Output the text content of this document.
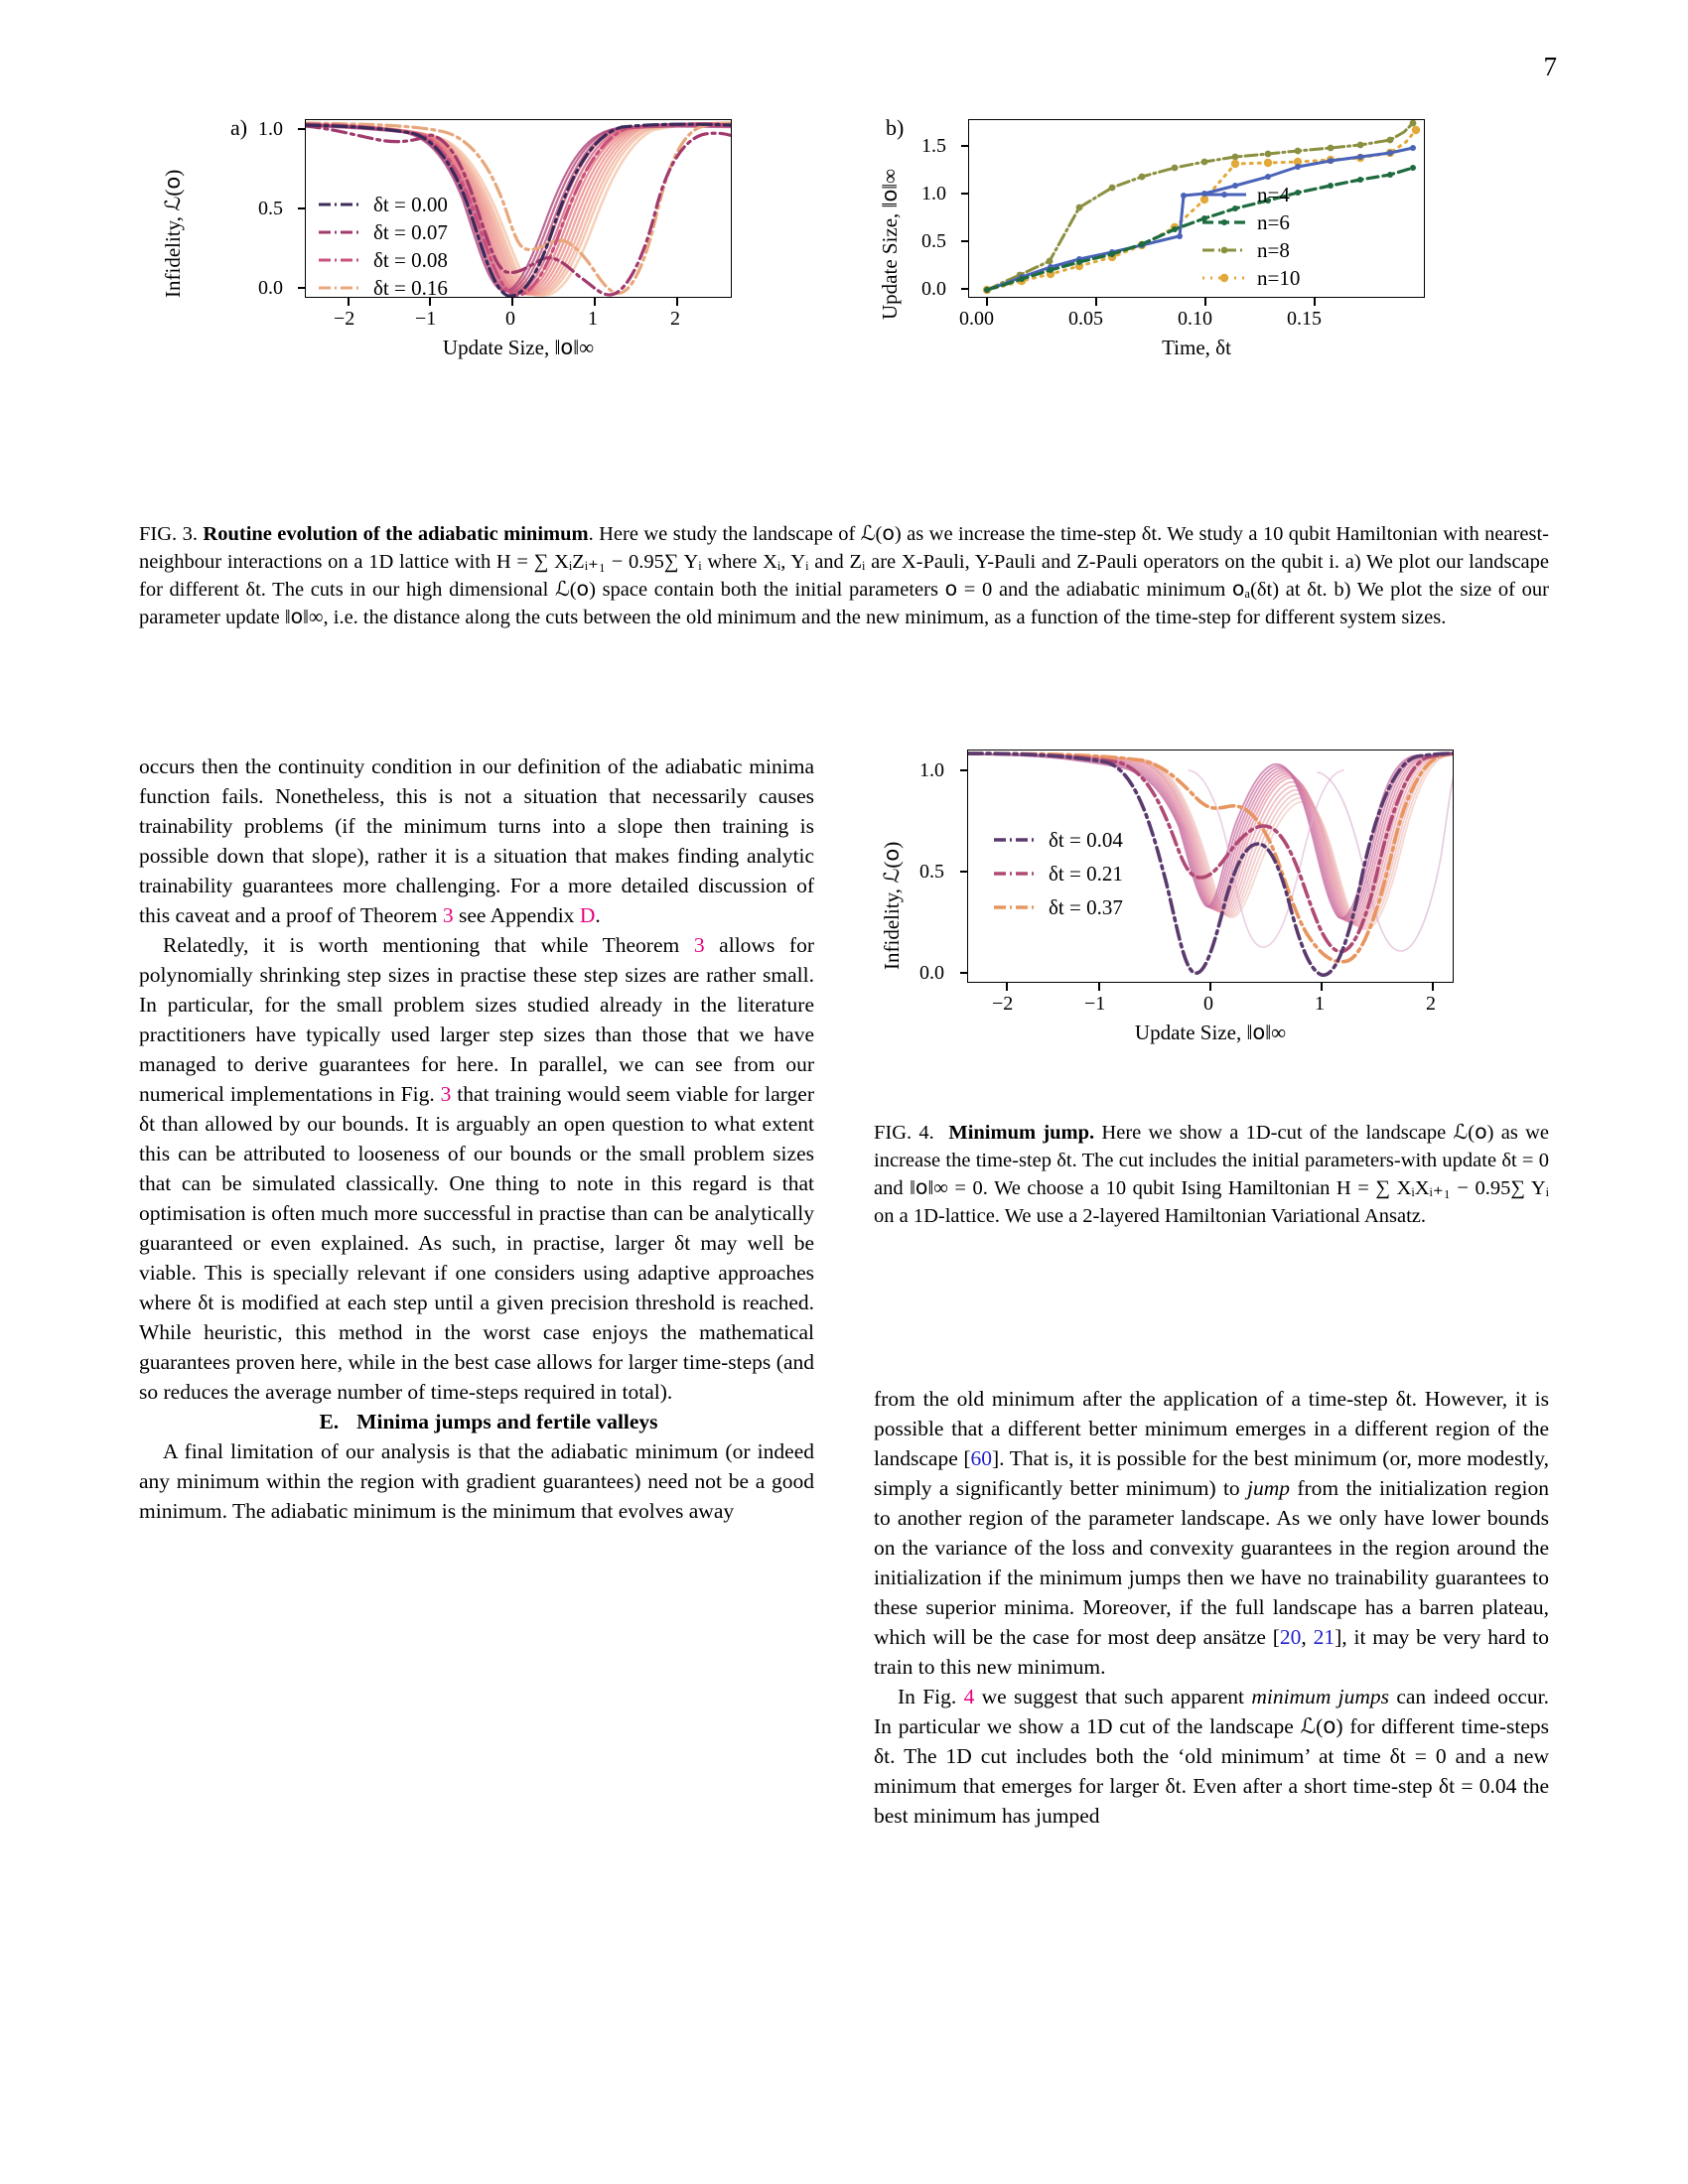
7
a)
Infidelity, ℒ(𝗈)
1.0
0.5
0.0
−2	−1	0	1	2
Update Size, ‖𝗈‖∞
δt = 0.00
δt = 0.07
δt = 0.08
δt = 0.16
b)
Update Size, ‖𝗈‖∞
1.5
1.0
0.5
0.0
0.00	0.05	0.10	0.15
Time, δt
n=4
n=6
n=8
n=10
FIG. 3. Routine evolution of the adiabatic minimum. Here we study the landscape of ℒ(𝗈) as we increase the time-step δt. We study a 10 qubit Hamiltonian with nearest-neighbour interactions on a 1D lattice with H = ∑ XᵢZᵢ₊₁ − 0.95∑ Yᵢ where Xᵢ, Yᵢ and Zᵢ are X-Pauli, Y-Pauli and Z-Pauli operators on the qubit i. a) We plot our landscape for different δt. The cuts in our high dimensional ℒ(𝗈) space contain both the initial parameters 𝗈 = 0 and the adiabatic minimum 𝗈ₐ(δt) at δt. b) We plot the size of our parameter update ‖𝗈‖∞, i.e. the distance along the cuts between the old minimum and the new minimum, as a function of the time-step for different system sizes.

occurs then the continuity condition in our definition of the adiabatic minima function fails. Nonetheless, this is not a situation that necessarily causes trainability problems (if the minimum turns into a slope then training is possible down that slope), rather it is a situation that makes finding analytic trainability guarantees more challenging. For a more detailed discussion of this caveat and a proof of Theorem 3 see Appendix D.

Relatedly, it is worth mentioning that while Theorem 3 allows for polynomially shrinking step sizes in practise these step sizes are rather small. In particular, for the small problem sizes studied already in the literature practitioners have typically used larger step sizes than those that we have managed to derive guarantees for here. In parallel, we can see from our numerical implementations in Fig. 3 that training would seem viable for larger δt than allowed by our bounds. It is arguably an open question to what extent this can be attributed to looseness of our bounds or the small problem sizes that can be simulated classically. One thing to note in this regard is that optimisation is often much more successful in practise than can be analytically guaranteed or even explained. As such, in practise, larger δt may well be viable. This is specially relevant if one considers using adaptive approaches where δt is modified at each step until a given precision threshold is reached. While heuristic, this method in the worst case enjoys the mathematical guarantees proven here, while in the best case allows for larger time-steps (and so reduces the average number of time-steps required in total).

E. Minima jumps and fertile valleys

A final limitation of our analysis is that the adiabatic minimum (or indeed any minimum within the region with gradient guarantees) need not be a good minimum. The adiabatic minimum is the minimum that evolves away

Infidelity, ℒ(𝗈)
1.0
0.5
0.0
−2	−1	0	1	2
Update Size, ‖𝗈‖∞
δt = 0.04
δt = 0.21
δt = 0.37
FIG. 4. Minimum jump. Here we show a 1D-cut of the landscape ℒ(𝗈) as we increase the time-step δt. The cut includes the initial parameters-with update δt = 0 and ‖𝗈‖∞ = 0. We choose a 10 qubit Ising Hamiltonian H = ∑ XᵢXᵢ₊₁ − 0.95∑ Yᵢ on a 1D-lattice. We use a 2-layered Hamiltonian Variational Ansatz.

from the old minimum after the application of a time-step δt. However, it is possible that a different better minimum emerges in a different region of the landscape [60]. That is, it is possible for the best minimum (or, more modestly, simply a significantly better minimum) to jump from the initialization region to another region of the parameter landscape. As we only have lower bounds on the variance of the loss and convexity guarantees in the region around the initialization if the minimum jumps then we have no trainability guarantees to these superior minima. Moreover, if the full landscape has a barren plateau, which will be the case for most deep ansätze [20, 21], it may be very hard to train to this new minimum.

In Fig. 4 we suggest that such apparent minimum jumps can indeed occur. In particular we show a 1D cut of the landscape ℒ(𝗈) for different time-steps δt. The 1D cut includes both the ‘old minimum’ at time δt = 0 and a new minimum that emerges for larger δt. Even after a short time-step δt = 0.04 the best minimum has jumped
